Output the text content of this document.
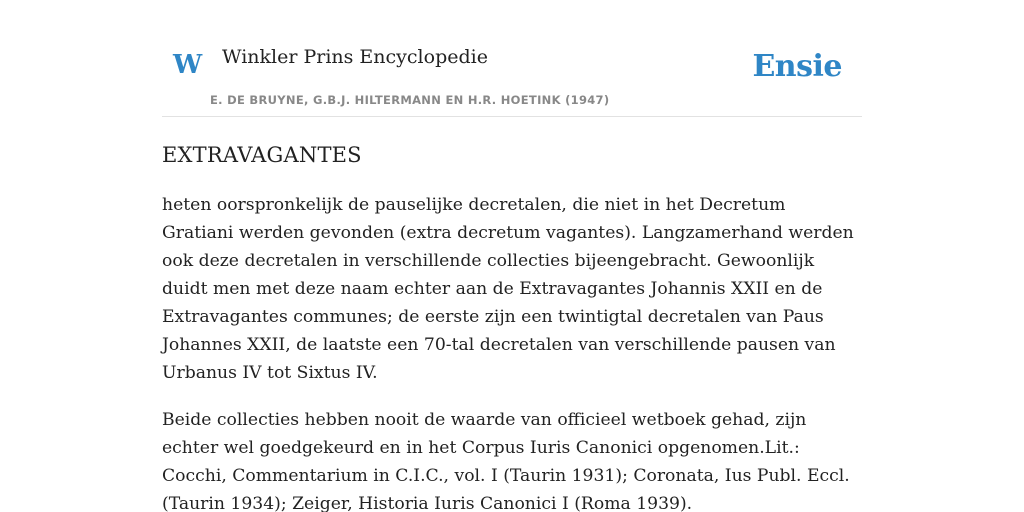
W Winkler Prins Encyclopedie
E. DE BRUYNE, G.B.J. HILTERMANN EN H.R. HOETINK (1947)
Ensie
EXTRAVAGANTES

heten oorspronkelijk de pauselijke decretalen, die niet in het Decretum Gratiani werden gevonden (extra decretum vagantes). Langzamerhand werden ook deze decretalen in verschillende collecties bijeengebracht. Gewoonlijk duidt men met deze naam echter aan de Extravagantes Johannis XXII en de Extravagantes communes; de eerste zijn een twintigtal decretalen van Paus Johannes XXII, de laatste een 70-tal decretalen van verschillende pausen van Urbanus IV tot Sixtus IV.

Beide collecties hebben nooit de waarde van officieel wetboek gehad, zijn echter wel goedgekeurd en in het Corpus Iuris Canonici opgenomen.Lit.: Cocchi, Commentarium in C.I.C., vol. I (Taurin 1931); Coronata, Ius Publ. Eccl. (Taurin 1934); Zeiger, Historia Iuris Canonici I (Roma 1939).
